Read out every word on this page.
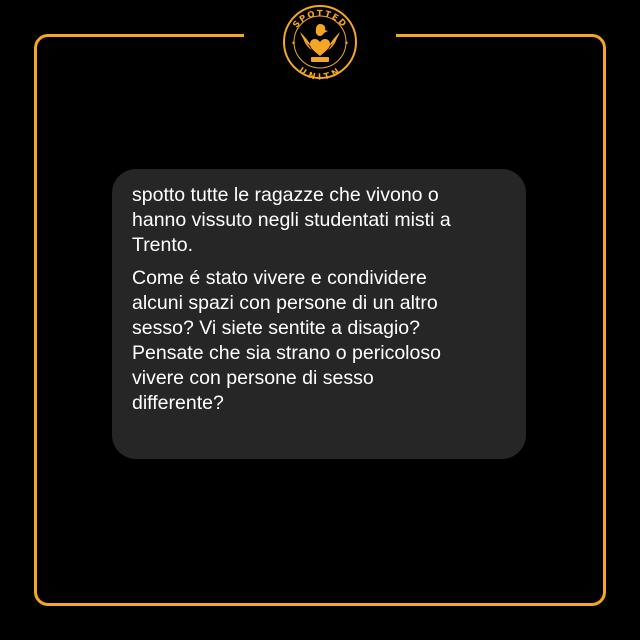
SPOTTED
UNITN
✦	✦

spotto tutte le ragazze che vivono o
hanno vissuto negli studentati misti a
Trento.

Come é stato vivere e condividere
alcuni spazi con persone di un altro
sesso? Vi siete sentite a disagio?
Pensate che sia strano o pericoloso
vivere con persone di sesso
differente?
